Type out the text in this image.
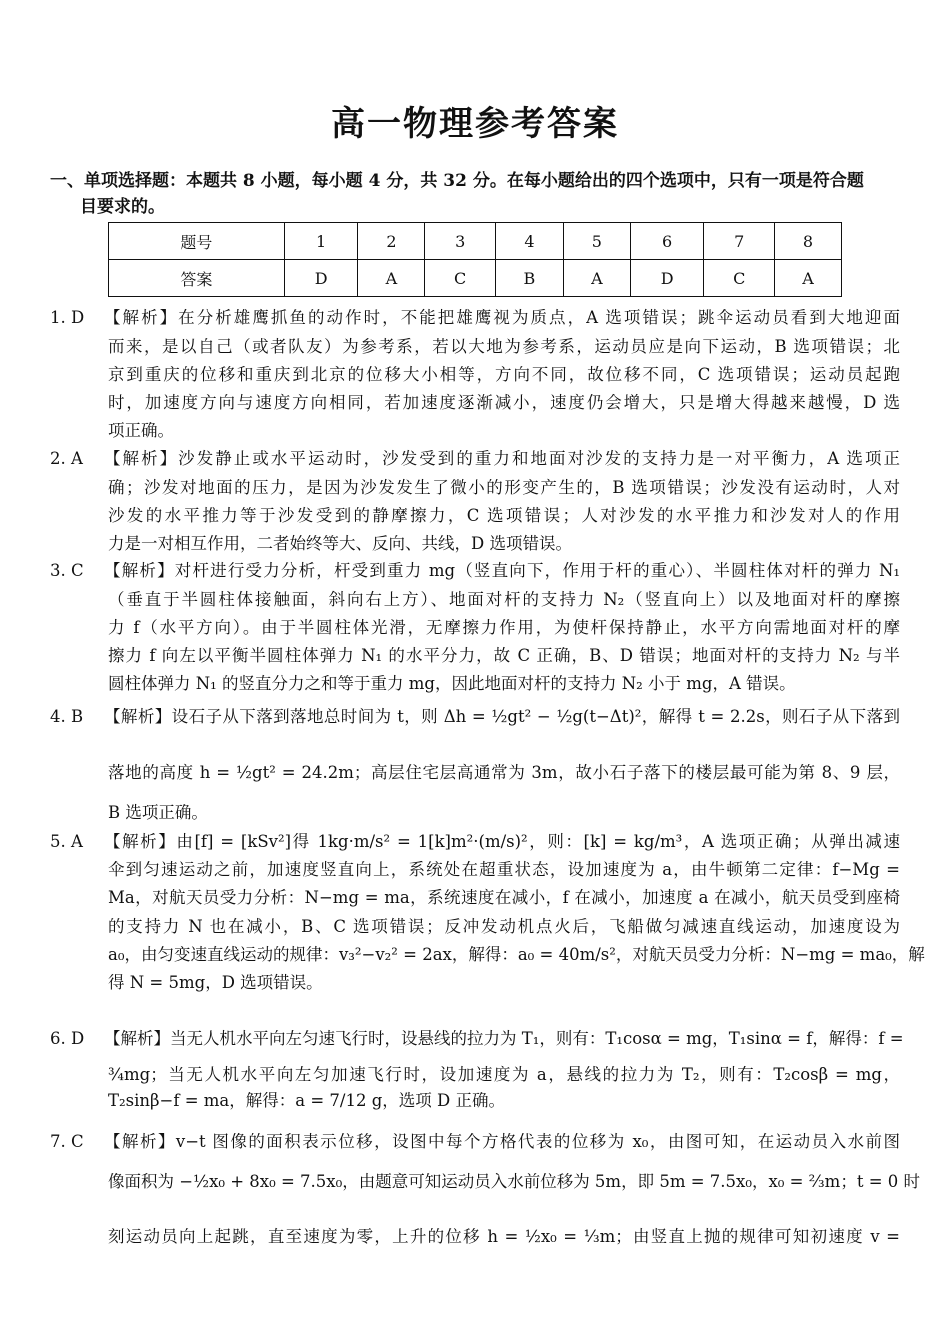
高一物理参考答案
一、单项选择题：本题共 8 小题，每小题 4 分，共 32 分。在每小题给出的四个选项中，只有一项是符合题
目要求的。
题号	1	2	3	4	5	6	7	8
答案	D	A	C	B	A	D	C	A
1. D 【解析】在分析雄鹰抓鱼的动作时，不能把雄鹰视为质点，A 选项错误；跳伞运动员看到大地迎面
而来，是以自己（或者队友）为参考系，若以大地为参考系，运动员应是向下运动，B 选项错误；北
京到重庆的位移和重庆到北京的位移大小相等，方向不同，故位移不同，C 选项错误；运动员起跑
时，加速度方向与速度方向相同，若加速度逐渐减小，速度仍会增大，只是增大得越来越慢，D 选
项正确。
2. A 【解析】沙发静止或水平运动时，沙发受到的重力和地面对沙发的支持力是一对平衡力，A 选项正
确；沙发对地面的压力，是因为沙发发生了微小的形变产生的，B 选项错误；沙发没有运动时，人对
沙发的水平推力等于沙发受到的静摩擦力，C 选项错误；人对沙发的水平推力和沙发对人的作用
力是一对相互作用，二者始终等大、反向、共线，D 选项错误。
3. C 【解析】对杆进行受力分析，杆受到重力 mg（竖直向下，作用于杆的重心）、半圆柱体对杆的弹力 N₁
（垂直于半圆柱体接触面，斜向右上方）、地面对杆的支持力 N₂（竖直向上）以及地面对杆的摩擦
力 f（水平方向）。由于半圆柱体光滑，无摩擦力作用，为使杆保持静止，水平方向需地面对杆的摩
擦力 f 向左以平衡半圆柱体弹力 N₁ 的水平分力，故 C 正确，B、D 错误；地面对杆的支持力 N₂ 与半
圆柱体弹力 N₁ 的竖直分力之和等于重力 mg，因此地面对杆的支持力 N₂ 小于 mg，A 错误。
4. B 【解析】设石子从下落到落地总时间为 t，则 Δh = ½gt² − ½g(t−Δt)²，解得 t = 2.2s，则石子从下落到
落地的高度 h = ½gt² = 24.2m；高层住宅层高通常为 3m，故小石子落下的楼层最可能为第 8、9 层，
B 选项正确。
5. A 【解析】由[f] = [kSv²]得 1kg·m/s² = 1[k]m²·(m/s)²，则：[k] = kg/m³，A 选项正确；从弹出减速
伞到匀速运动之前，加速度竖直向上，系统处在超重状态，设加速度为 a，由牛顿第二定律：f−Mg =
Ma，对航天员受力分析：N−mg = ma，系统速度在减小，f 在减小，加速度 a 在减小，航天员受到座椅
的支持力 N 也在减小，B、C 选项错误；反冲发动机点火后，飞船做匀减速直线运动，加速度设为
a₀，由匀变速直线运动的规律：v₃²−v₂² = 2ax，解得：a₀ = 40m/s²，对航天员受力分析：N−mg = ma₀，解
得 N = 5mg，D 选项错误。
6. D 【解析】当无人机水平向左匀速飞行时，设悬线的拉力为 T₁，则有：T₁cosα = mg，T₁sinα = f，解得：f =
¾mg；当无人机水平向左匀加速飞行时，设加速度为 a，悬线的拉力为 T₂，则有：T₂cosβ = mg，
T₂sinβ−f = ma，解得：a = 7/12 g，选项 D 正确。
7. C 【解析】v−t 图像的面积表示位移，设图中每个方格代表的位移为 x₀，由图可知，在运动员入水前图
像面积为 −½x₀ + 8x₀ = 7.5x₀，由题意可知运动员入水前位移为 5m，即 5m = 7.5x₀，x₀ = ⅔m；t = 0 时
刻运动员向上起跳，直至速度为零，上升的位移 h = ½x₀ = ⅓m；由竖直上抛的规律可知初速度 v =
